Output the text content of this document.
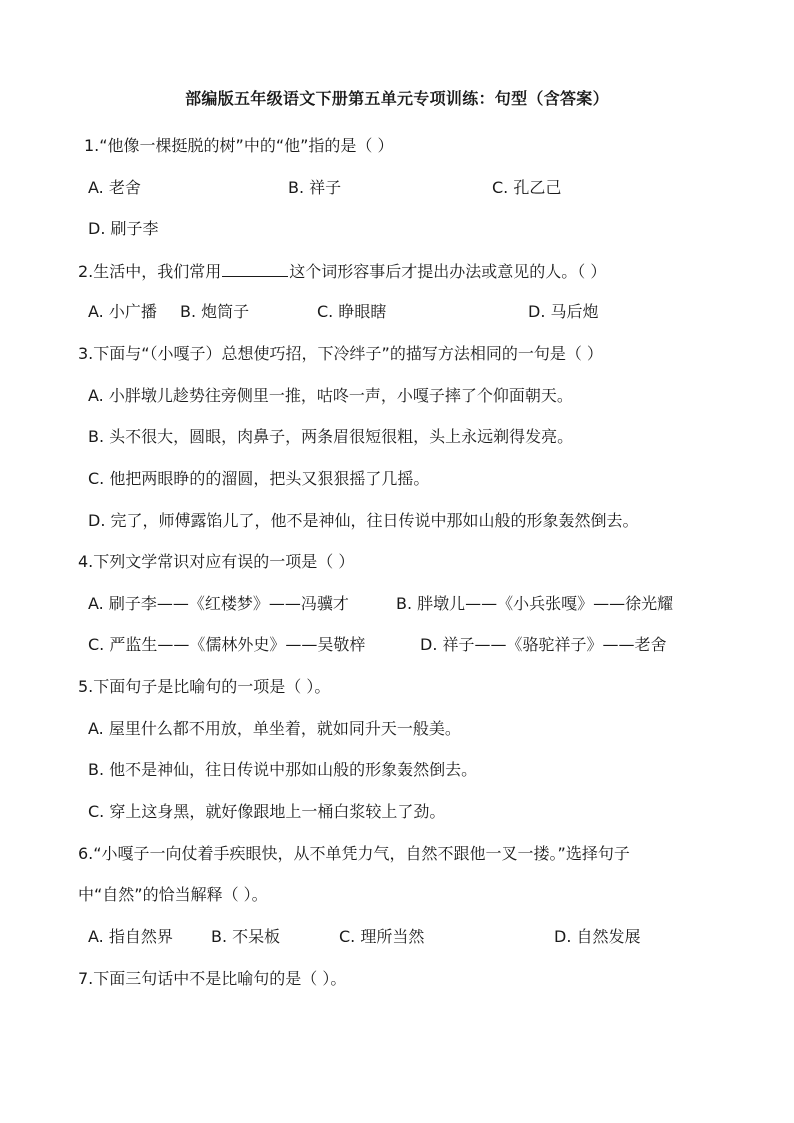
部编版五年级语文下册第五单元专项训练：句型（含答案）

1.“他像一棵挺脱的树”中的“他”指的是（ ）

A. 老舍	B. 祥子	C. 孔乙己

D. 刷子李

2.生活中，我们常用	这个词形容事后才提出办法或意见的人。（ ）

A. 小广播 B. 炮筒子	C. 睁眼瞎	D. 马后炮

3.下面与“（小嘎子）总想使巧招，下冷绊子”的描写方法相同的一句是（ ）

A. 小胖墩儿趁势往旁侧里一推，咕咚一声，小嘎子摔了个仰面朝天。

B. 头不很大，圆眼，肉鼻子，两条眉很短很粗，头上永远剃得发亮。

C. 他把两眼睁的的溜圆，把头又狠狠摇了几摇。

D. 完了，师傅露馅儿了，他不是神仙，往日传说中那如山般的形象轰然倒去。

4.下列文学常识对应有误的一项是（ ）

A. 刷子李——《红楼梦》——冯骥才	B. 胖墩儿——《小兵张嘎》——徐光耀
C. 严监生——《儒林外史》——吴敬梓	D. 祥子——《骆驼祥子》——老舍

5.下面句子是比喻句的一项是（ ）。

A. 屋里什么都不用放，单坐着，就如同升天一般美。

B. 他不是神仙，往日传说中那如山般的形象轰然倒去。

C. 穿上这身黑，就好像跟地上一桶白浆较上了劲。

6.“小嘎子一向仗着手疾眼快，从不单凭力气，自然不跟他一叉一搂。”选择句子

中“自然”的恰当解释（ ）。

A. 指自然界 B. 不呆板	C. 理所当然	D. 自然发展

7.下面三句话中不是比喻句的是（ ）。
